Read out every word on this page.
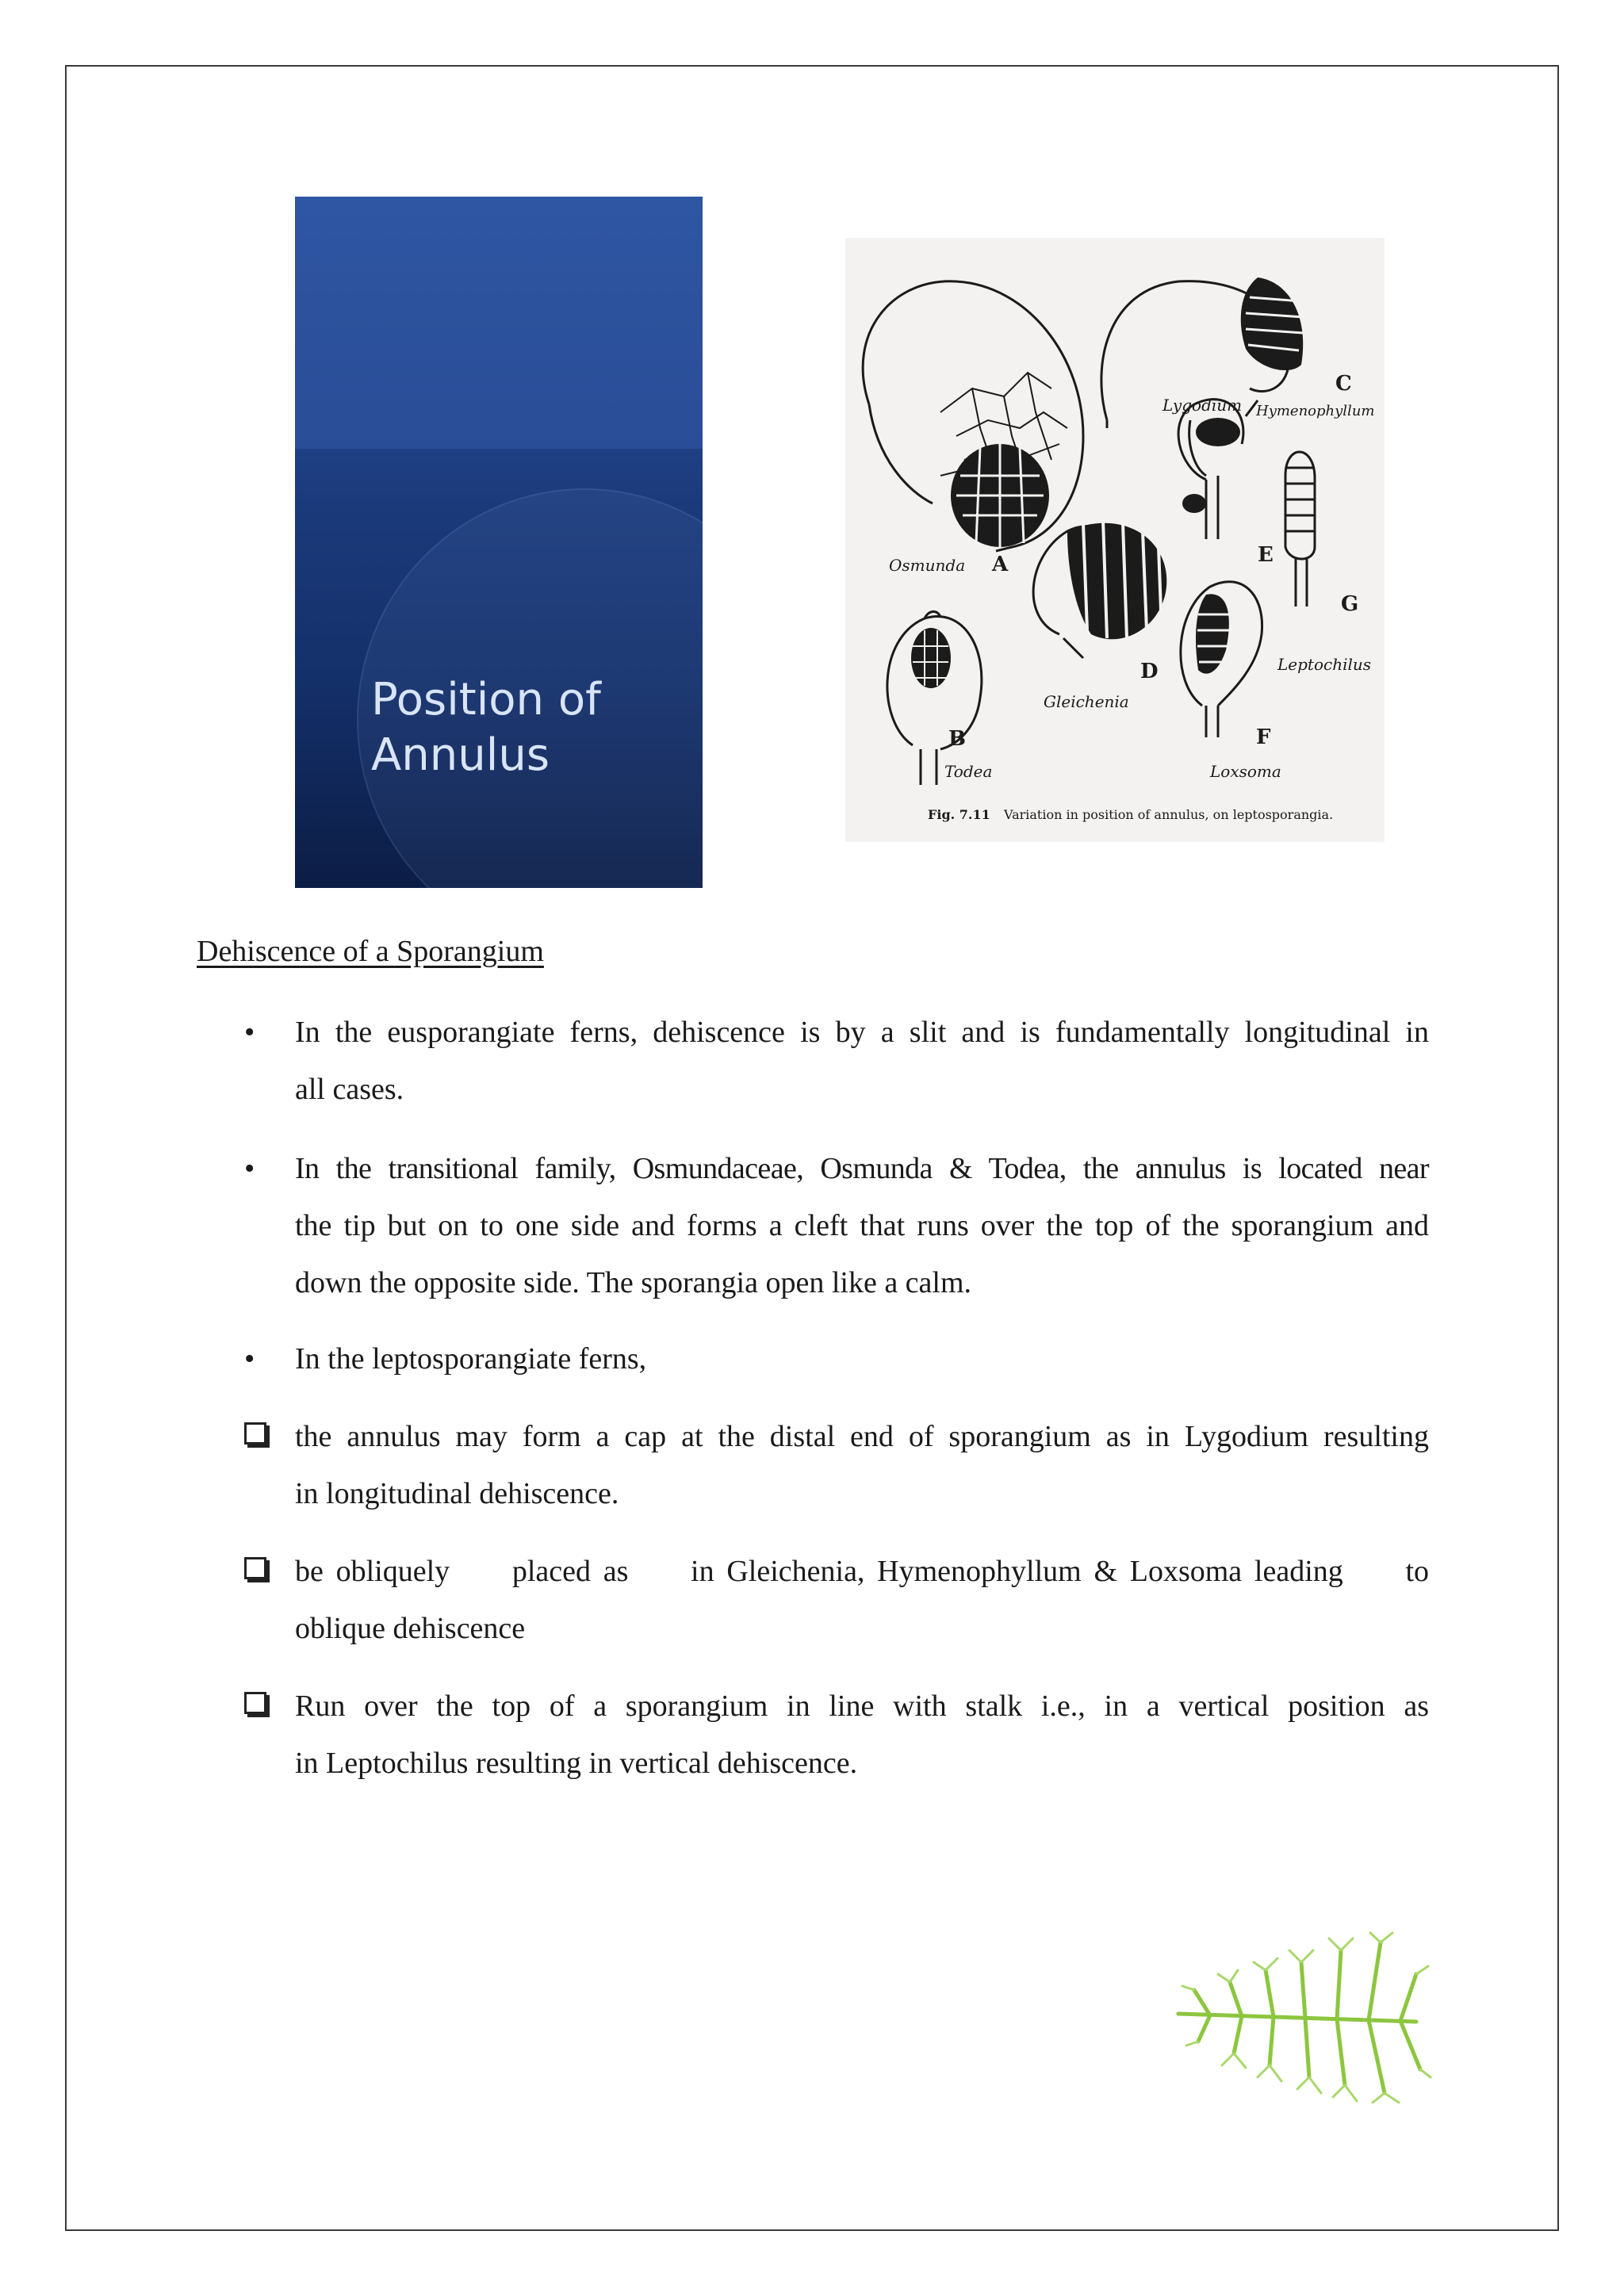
Position of
Annulus
Osmunda A
B
Todea
C
Lygodium Hymenophyllum
D
Gleichenia
E
G
Leptochilus
F
Loxsoma
Fig. 7.11 Variation in position of annulus, on leptosporangia.
Dehiscence of a Sporangium
• In the eusporangiate ferns, dehiscence is by a slit and is fundamentally longitudinal in
all cases.
• In the transitional family, Osmundaceae, Osmunda & Todea, the annulus is located near
the tip but on to one side and forms a cleft that runs over the top of the sporangium and
down the opposite side. The sporangia open like a calm.
• In the leptosporangiate ferns,
the annulus may form a cap at the distal end of sporangium as in Lygodium resulting
in longitudinal dehiscence.
be obliquely     placed as     in Gleichenia, Hymenophyllum & Loxsoma leading     to
oblique dehiscence
Run over the top of a sporangium in line with stalk i.e., in a vertical position as
in Leptochilus resulting in vertical dehiscence.
